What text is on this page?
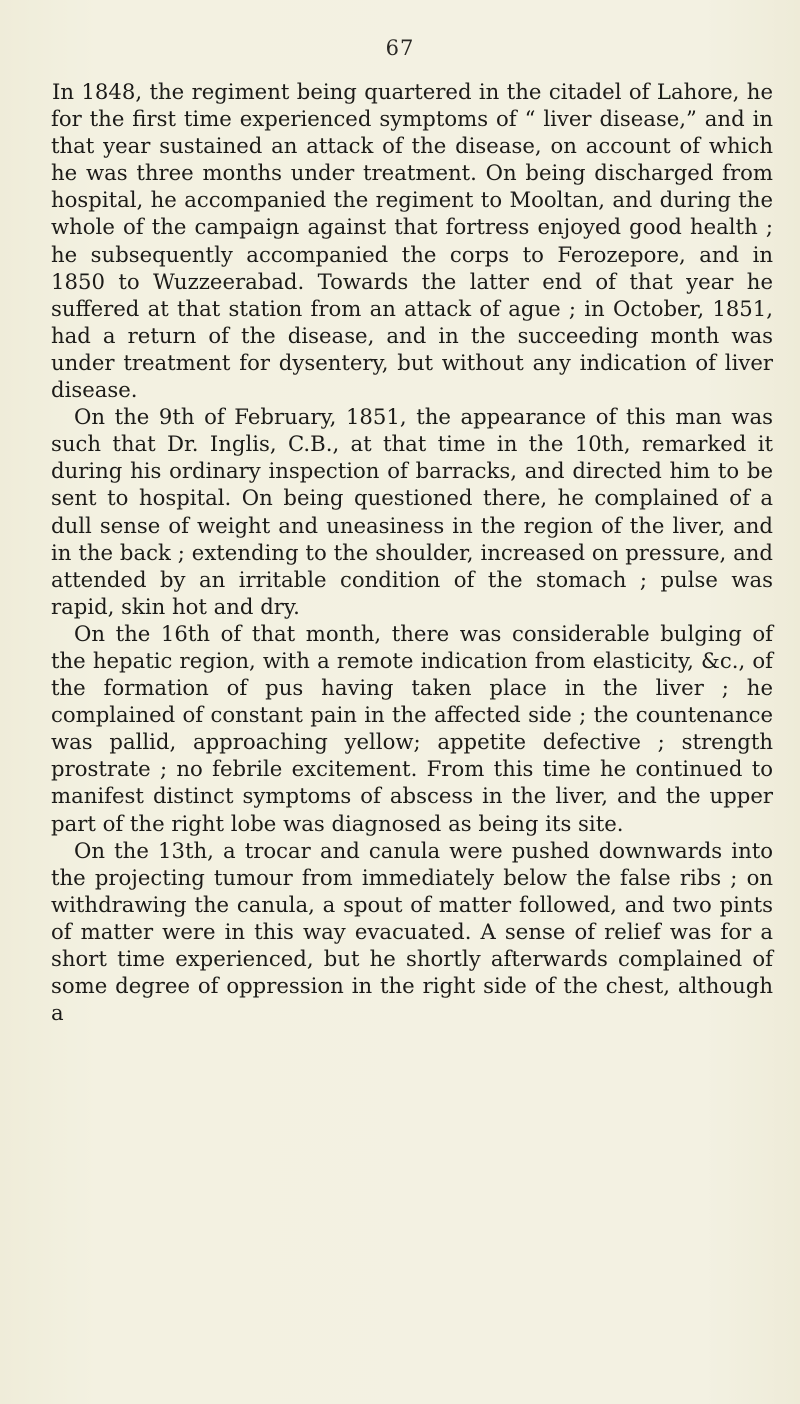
67

In 1848, the regiment being quartered in the citadel of Lahore, he for the first time experienced symptoms of “ liver disease,” and in that year sustained an attack of the disease, on account of which he was three months under treatment. On being discharged from hospital, he accompanied the regiment to Mooltan, and during the whole of the campaign against that fortress enjoyed good health ; he subsequently accompanied the corps to Ferozepore, and in 1850 to Wuzzeerabad. Towards the latter end of that year he suffered at that station from an attack of ague ; in October, 1851, had a return of the disease, and in the succeeding month was under treatment for dysentery, but without any indication of liver disease.

On the 9th of February, 1851, the appearance of this man was such that Dr. Inglis, C.B., at that time in the 10th, remarked it during his ordinary inspection of barracks, and directed him to be sent to hospital. On being questioned there, he complained of a dull sense of weight and uneasiness in the region of the liver, and in the back ; extending to the shoulder, increased on pressure, and attended by an irritable condition of the stomach ; pulse was rapid, skin hot and dry.

On the 16th of that month, there was considerable bulging of the hepatic region, with a remote indication from elasticity, &c., of the formation of pus having taken place in the liver ; he complained of constant pain in the affected side ; the countenance was pallid, approaching yellow; appetite defective ; strength prostrate ; no febrile excitement. From this time he continued to manifest distinct symptoms of abscess in the liver, and the upper part of the right lobe was diagnosed as being its site.

On the 13th, a trocar and canula were pushed downwards into the projecting tumour from immediately below the false ribs ; on withdrawing the canula, a spout of matter followed, and two pints of matter were in this way evacuated. A sense of relief was for a short time experienced, but he shortly afterwards complained of some degree of oppression in the right side of the chest, although a
